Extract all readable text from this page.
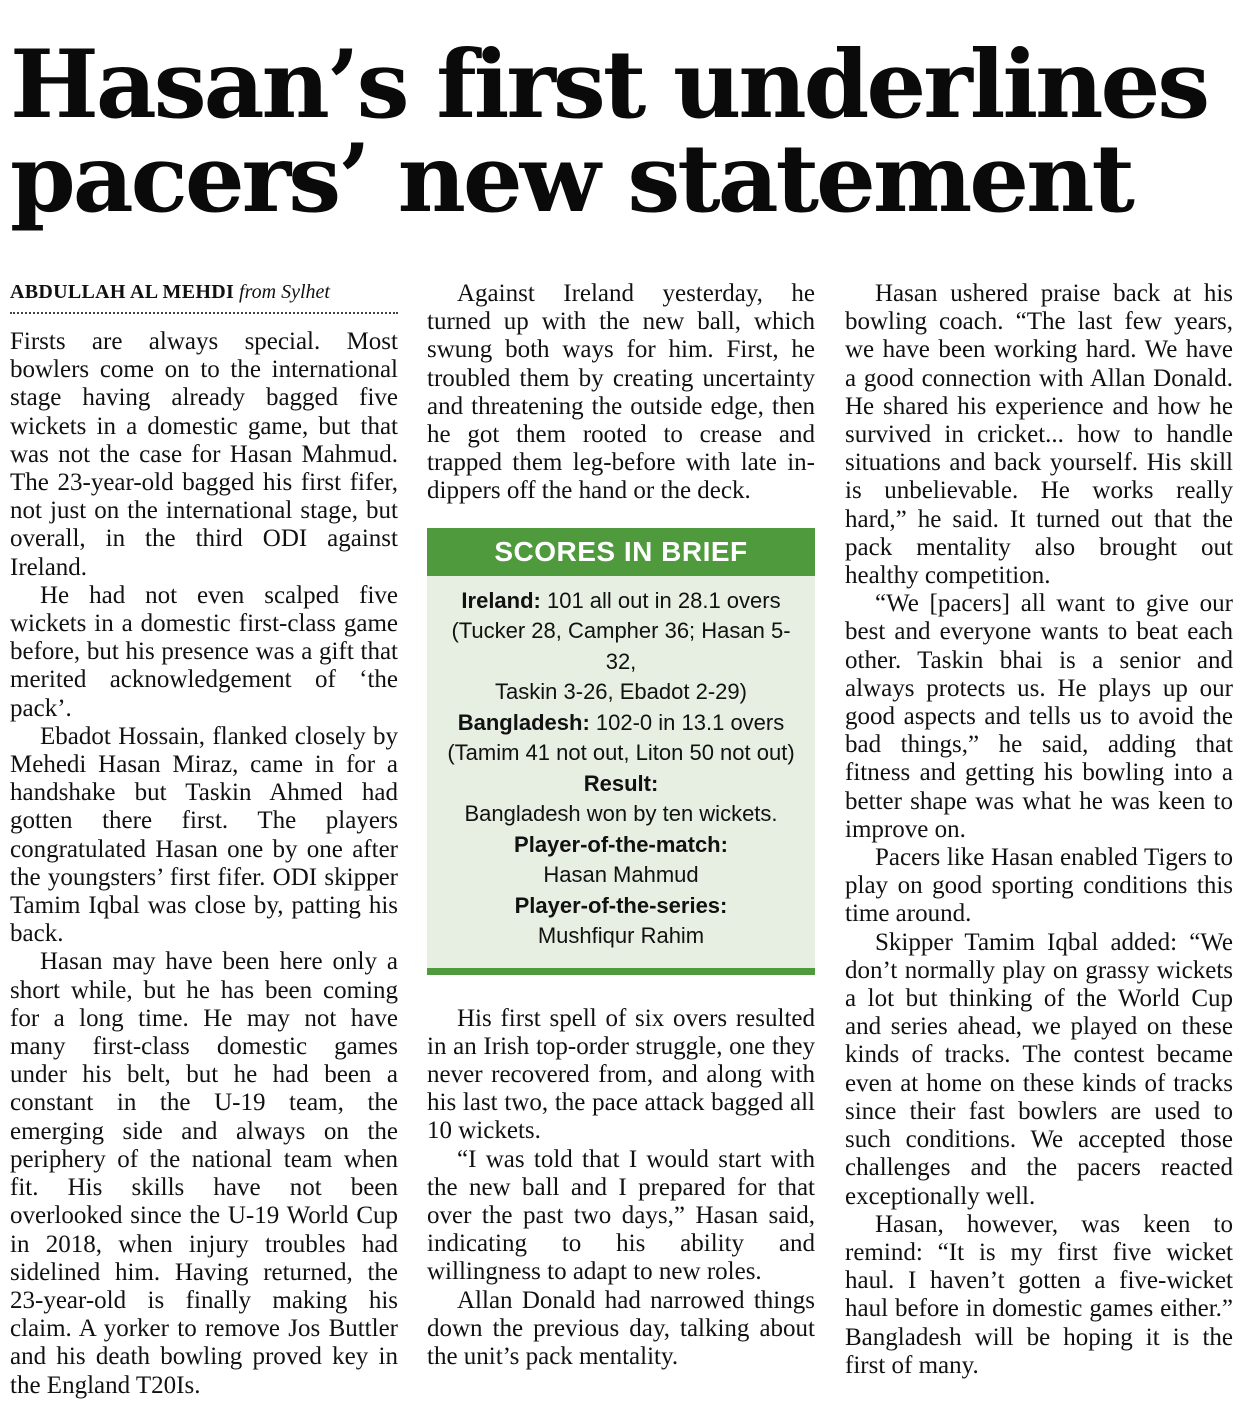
Hasan’s first underlines
pacers’ new statement
ABDULLAH AL MEHDI from Sylhet

Firsts are always special. Most bowlers come on to the international stage having already bagged five wickets in a domestic game, but that was not the case for Hasan Mahmud. The 23-year-old bagged his first fifer, not just on the international stage, but overall, in the third ODI against Ireland.

He had not even scalped five wickets in a domestic first-class game before, but his presence was a gift that merited acknowledgement of ‘the pack’.

Ebadot Hossain, flanked closely by Mehedi Hasan Miraz, came in for a handshake but Taskin Ahmed had gotten there first. The players congratulated Hasan one by one after the youngsters’ first fifer. ODI skipper Tamim Iqbal was close by, patting his back.

Hasan may have been here only a short while, but he has been coming for a long time. He may not have many first-class domestic games under his belt, but he had been a constant in the U-19 team, the emerging side and always on the periphery of the national team when fit. His skills have not been overlooked since the U-19 World Cup in 2018, when injury troubles had sidelined him. Having returned, the 23-year-old is finally making his claim. A yorker to remove Jos Buttler and his death bowling proved key in the England T20Is.

Against Ireland yesterday, he turned up with the new ball, which swung both ways for him. First, he troubled them by creating uncertainty and threatening the outside edge, then he got them rooted to crease and trapped them leg-before with late in-dippers off the hand or the deck.

SCORES IN BRIEF
Ireland: 101 all out in 28.1 overs
(Tucker 28, Campher 36; Hasan 5-32,
Taskin 3-26, Ebadot 2-29)
Bangladesh: 102-0 in 13.1 overs
(Tamim 41 not out, Liton 50 not out)
Result:
Bangladesh won by ten wickets.
Player-of-the-match:
Hasan Mahmud
Player-of-the-series:
Mushfiqur Rahim

His first spell of six overs resulted in an Irish top-order struggle, one they never recovered from, and along with his last two, the pace attack bagged all 10 wickets.

“I was told that I would start with the new ball and I prepared for that over the past two days,” Hasan said, indicating to his ability and willingness to adapt to new roles.

Allan Donald had narrowed things down the previous day, talking about the unit’s pack mentality.

Hasan ushered praise back at his bowling coach. “The last few years, we have been working hard. We have a good connection with Allan Donald. He shared his experience and how he survived in cricket... how to handle situations and back yourself. His skill is unbelievable. He works really hard,” he said. It turned out that the pack mentality also brought out healthy competition.

“We [pacers] all want to give our best and everyone wants to beat each other. Taskin bhai is a senior and always protects us. He plays up our good aspects and tells us to avoid the bad things,” he said, adding that fitness and getting his bowling into a better shape was what he was keen to improve on.

Pacers like Hasan enabled Tigers to play on good sporting conditions this time around.

Skipper Tamim Iqbal added: “We don’t normally play on grassy wickets a lot but thinking of the World Cup and series ahead, we played on these kinds of tracks. The contest became even at home on these kinds of tracks since their fast bowlers are used to such conditions. We accepted those challenges and the pacers reacted exceptionally well.

Hasan, however, was keen to remind: “It is my first five wicket haul. I haven’t gotten a five-wicket haul before in domestic games either.” Bangladesh will be hoping it is the first of many.
